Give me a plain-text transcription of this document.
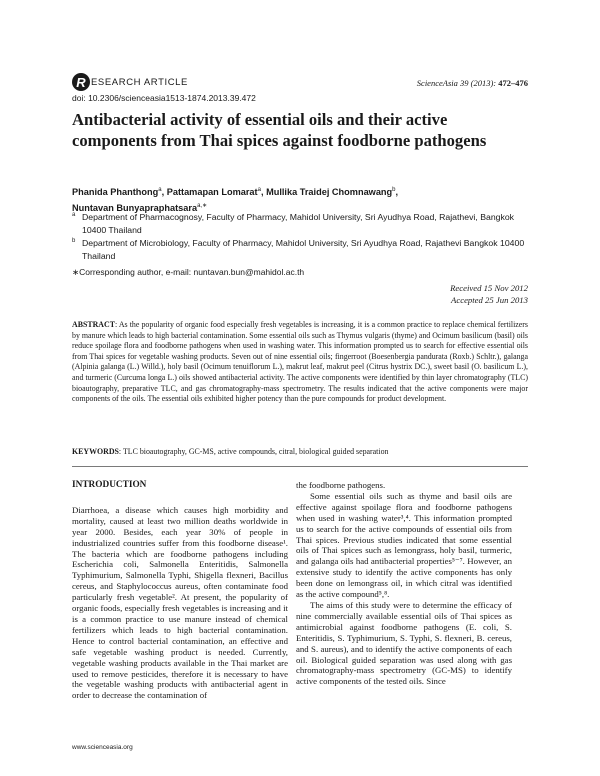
R ESEARCH ARTICLE	ScienceAsia 39 (2013): 472–476
doi: 10.2306/scienceasia1513-1874.2013.39.472
Antibacterial activity of essential oils and their active components from Thai spices against foodborne pathogens
Phanida Phanthong$^a$, Pattamapan Lomarat$^a$, Mullika Traidej Chomnawang$^b$,
Nuntavan Bunyapraphatsara$^{a,∗}$
a Department of Pharmacognosy, Faculty of Pharmacy, Mahidol University, Sri Ayudhya Road, Rajathevi, Bangkok 10400 Thailand
b Department of Microbiology, Faculty of Pharmacy, Mahidol University, Sri Ayudhya Road, Rajathevi Bangkok 10400 Thailand
∗Corresponding author, e-mail: nuntavan.bun@mahidol.ac.th
Received 15 Nov 2012
Accepted 25 Jun 2013
ABSTRACT: As the popularity of organic food especially fresh vegetables is increasing, it is a common practice to replace chemical fertilizers by manure which leads to high bacterial contamination. Some essential oils such as Thymus vulgaris (thyme) and Ocimum basilicum (basil) oils reduce spoilage flora and foodborne pathogens when used in washing water. This information prompted us to search for effective essential oils from Thai spices for vegetable washing products. Seven out of nine essential oils; fingerroot (Boesenbergia pandurata (Roxb.) Schltr.), galanga (Alpinia galanga (L.) Willd.), holy basil (Ocimum tenuiflorum L.), makrut leaf, makrut peel (Citrus hystrix DC.), sweet basil (O. basilicum L.), and turmeric (Curcuma longa L.) oils showed antibacterial activity. The active components were identified by thin layer chromatography (TLC) bioautography, preparative TLC, and gas chromatography-mass spectrometry. The results indicated that the active components were major components of the oils. The essential oils exhibited higher potency than the pure compounds for product development.
KEYWORDS: TLC bioautography, GC-MS, active compounds, citral, biological guided separation
INTRODUCTION

Diarrhoea, a disease which causes high morbidity and mortality, caused at least two million deaths worldwide in year 2000. Besides, each year 30% of people in industrialized countries suffer from this foodborne disease¹. The bacteria which are foodborne pathogens including Escherichia coli, Salmonella Enteritidis, Salmonella Typhimurium, Salmonella Typhi, Shigella flexneri, Bacillus cereus, and Staphylococcus aureus, often contaminate food particularly fresh vegetable². At present, the popularity of organic foods, especially fresh vegetables is increasing and it is a common practice to use manure instead of chemical fertilizers which leads to high bacterial contamination. Hence to control bacterial contamination, an effective and safe vegetable washing product is needed. Currently, vegetable washing products available in the Thai market are used to remove pesticides, therefore it is necessary to have the vegetable washing products with antibacterial agent in order to decrease the contamination of

the foodborne pathogens.

Some essential oils such as thyme and basil oils are effective against spoilage flora and foodborne pathogens when used in washing water³,⁴. This information prompted us to search for the active compounds of essential oils from Thai spices. Previous studies indicated that some essential oils of Thai spices such as lemongrass, holy basil, turmeric, and galanga oils had antibacterial properties⁵⁻⁷. However, an extensive study to identify the active components has only been done on lemongrass oil, in which citral was identified as the active compound⁵,⁸.

The aims of this study were to determine the efficacy of nine commercially available essential oils of Thai spices as antimicrobial against foodborne pathogens (E. coli, S. Enteritidis, S. Typhimurium, S. Typhi, S. flexneri, B. cereus, and S. aureus), and to identify the active components of each oil. Biological guided separation was used along with gas chromatography-mass spectrometry (GC-MS) to identify active components of the tested oils. Since

www.scienceasia.org
